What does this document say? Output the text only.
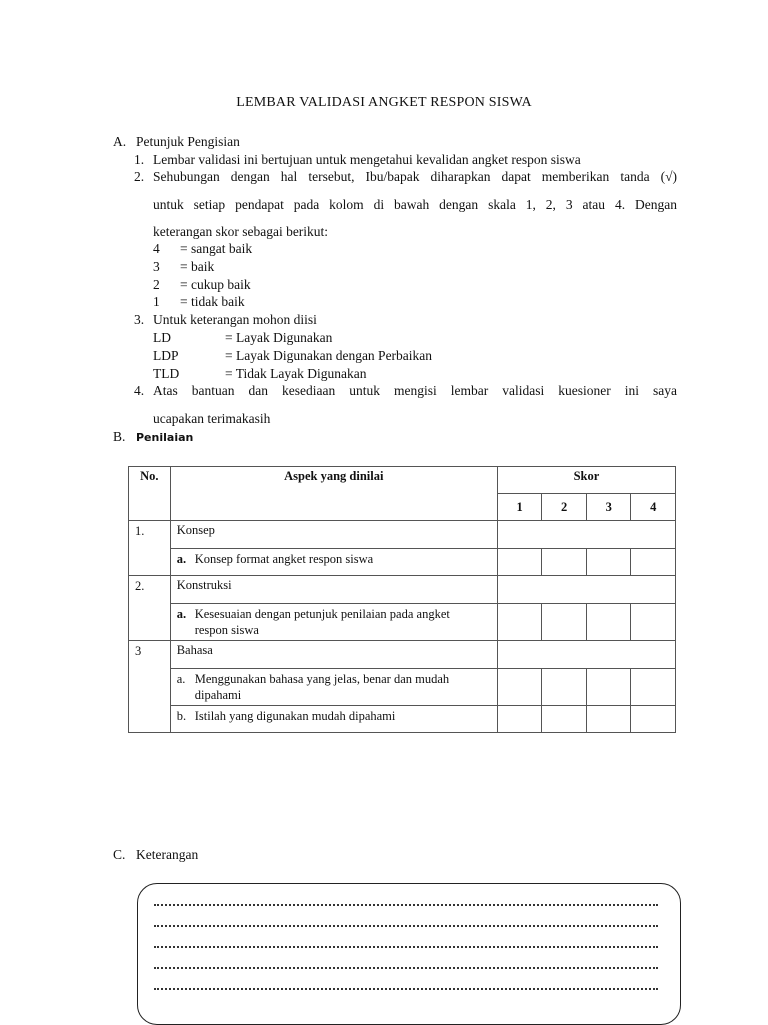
LEMBAR VALIDASI ANGKET RESPON SISWA
A. Petunjuk Pengisian
1. Lembar validasi ini bertujuan untuk mengetahui kevalidan angket respon siswa
2. Sehubungan dengan hal tersebut, Ibu/bapak diharapkan dapat memberikan tanda (√)
untuk setiap pendapat pada kolom di bawah dengan skala 1, 2, 3 atau 4. Dengan
keterangan skor sebagai berikut:
4 = sangat baik
3 = baik
2 = cukup baik
1 = tidak baik
3. Untuk keterangan mohon diisi
LD	= Layak Digunakan
LDP	= Layak Digunakan dengan Perbaikan
TLD	= Tidak Layak Digunakan
4. Atas bantuan dan kesediaan untuk mengisi lembar validasi kuesioner ini saya
ucapakan terimakasih
B. Penilaian
No.	Aspek yang dinilai	Skor			
		1	2	3	4
1.	Konsep				

	a. Konsep format angket respon siswa				

2.	Konstruksi				

	a. Kesesuaian dengan petunjuk penilaian pada angket
respon siswa				

3	Bahasa				

	a. Menggunakan bahasa yang jelas, benar dan mudah
dipahami				

	b. Istilah yang digunakan mudah dipahami				

C. Keterangan
